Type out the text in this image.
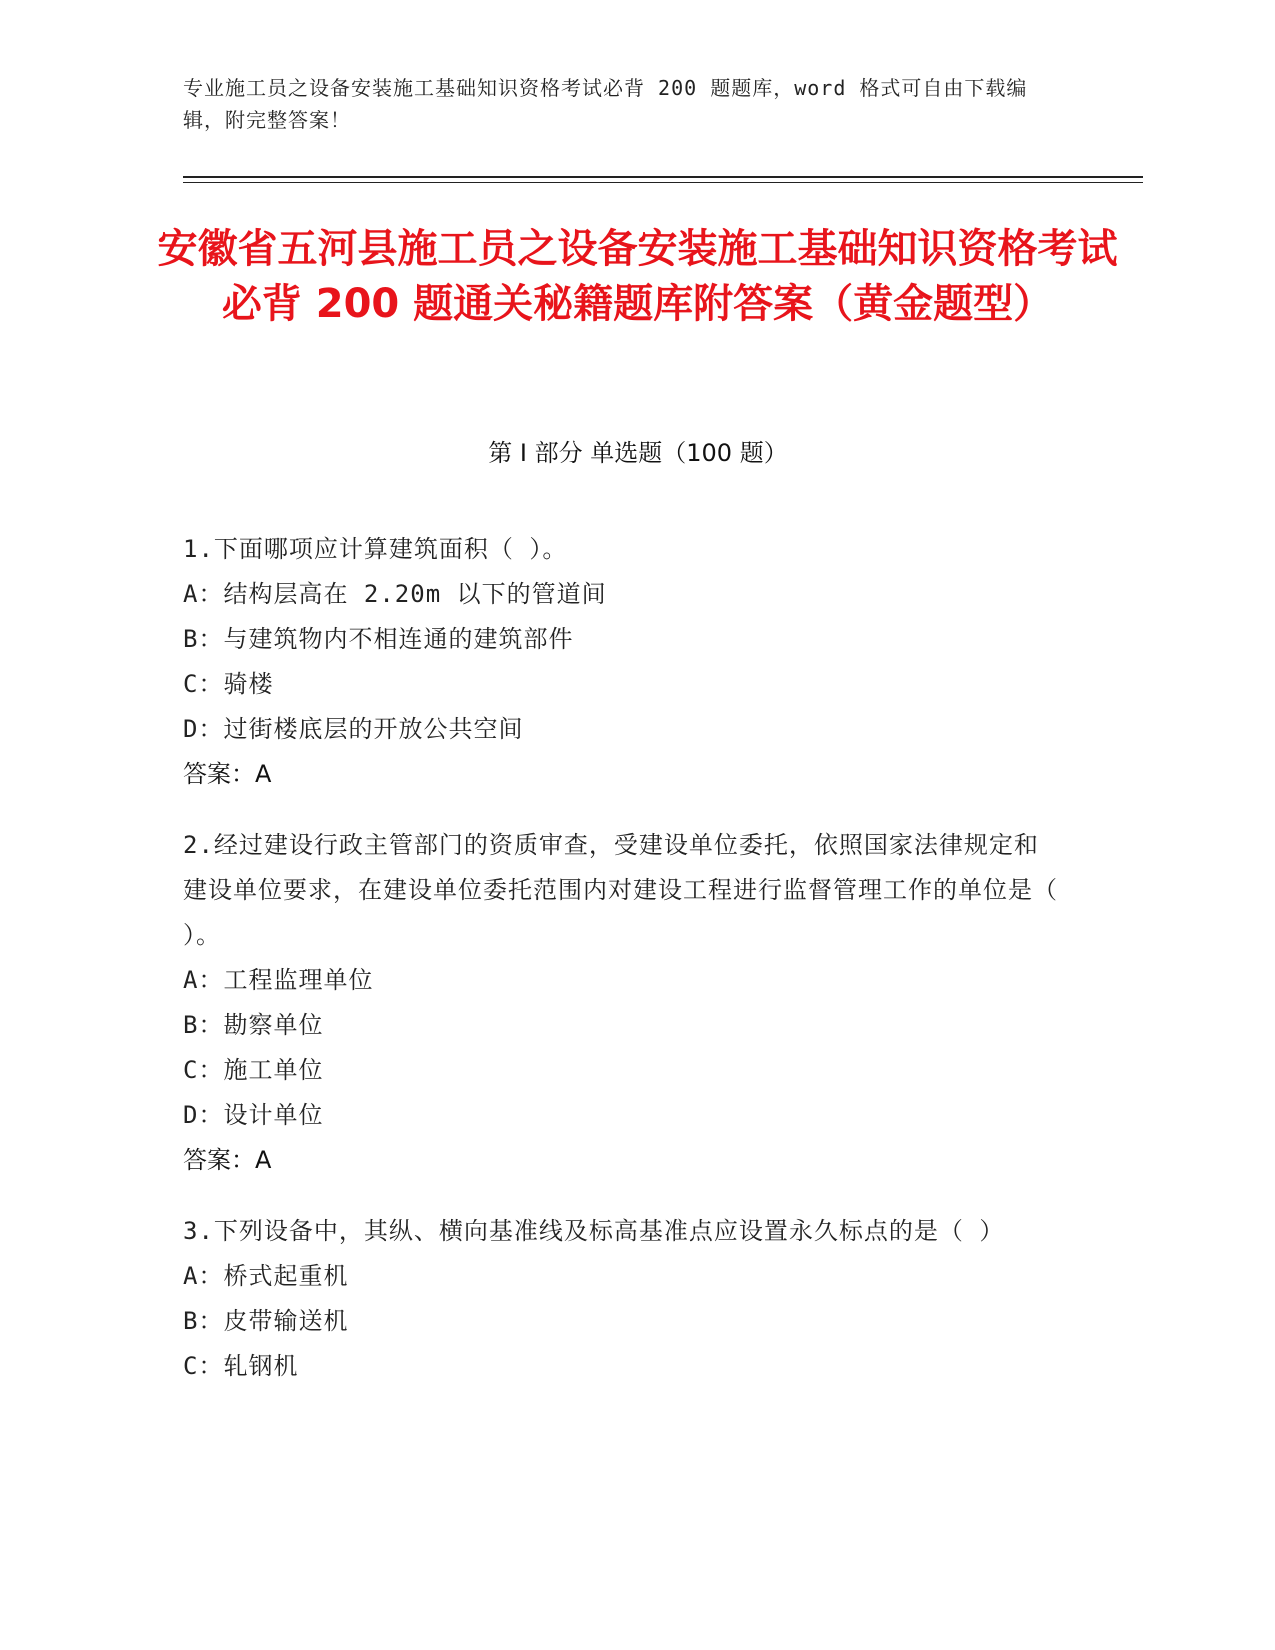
专业施工员之设备安装施工基础知识资格考试必背 200 题题库，word 格式可自由下载编辑，附完整答案！
安徽省五河县施工员之设备安装施工基础知识资格考试必背 200 题通关秘籍题库附答案（黄金题型）
第 I 部分 单选题（100 题）
1.下面哪项应计算建筑面积（ ）。
A：结构层高在 2.20m 以下的管道间
B：与建筑物内不相连通的建筑部件
C：骑楼
D：过街楼底层的开放公共空间
答案：A
2.经过建设行政主管部门的资质审查，受建设单位委托，依照国家法律规定和建设单位要求，在建设单位委托范围内对建设工程进行监督管理工作的单位是（ ）。
A：工程监理单位
B：勘察单位
C：施工单位
D：设计单位
答案：A
3.下列设备中，其纵、横向基准线及标高基准点应设置永久标点的是（ ）
A：桥式起重机
B：皮带输送机
C：轧钢机
